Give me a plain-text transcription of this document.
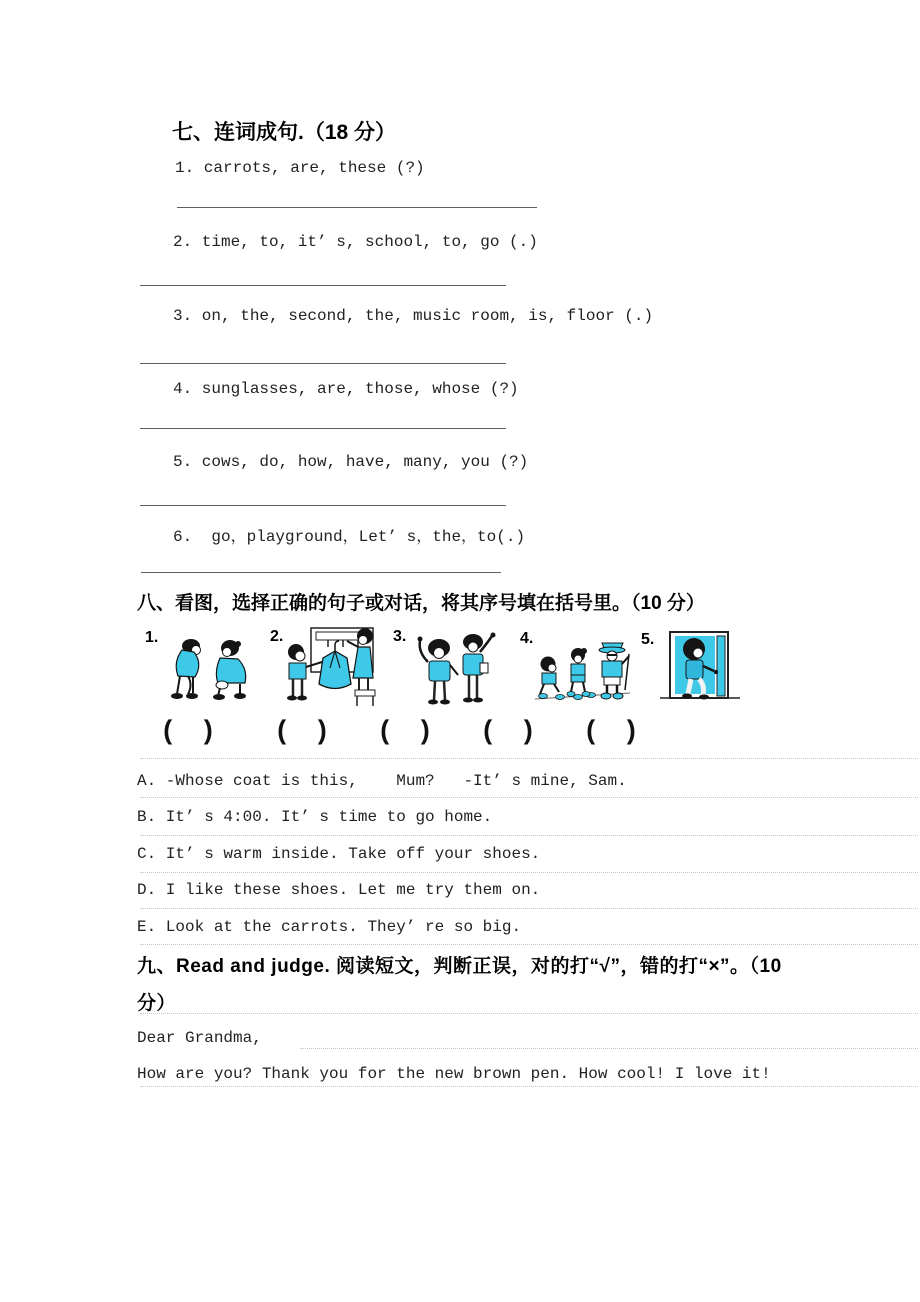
七、连词成句.（18 分）
1. carrots, are, these (?)
2. time, to, it’ s, school, to, go (.)
3. on, the, second, the, music room, is, floor (.)
4. sunglasses, are, those, whose (?)
5. cows, do, how, have, many, you (?)
6.  go，playground，Let’ s，the，to(.)
八、看图，选择正确的句子或对话，将其序号填在括号里。（10 分）
1.	2.	3.	4.	5.
( ) ( ) ( ) ( ) ( )
A. -Whose coat is this,    Mum?   -It’ s mine, Sam.
B. It’ s 4:00. It’ s time to go home.
C. It’ s warm inside. Take off your shoes.
D. I like these shoes. Let me try them on.
E. Look at the carrots. They’ re so big.
九、Read and judge. 阅读短文，判断正误，对的打“√”，错的打“×”。（10 分）
Dear Grandma,
How are you? Thank you for the new brown pen. How cool! I love it!
